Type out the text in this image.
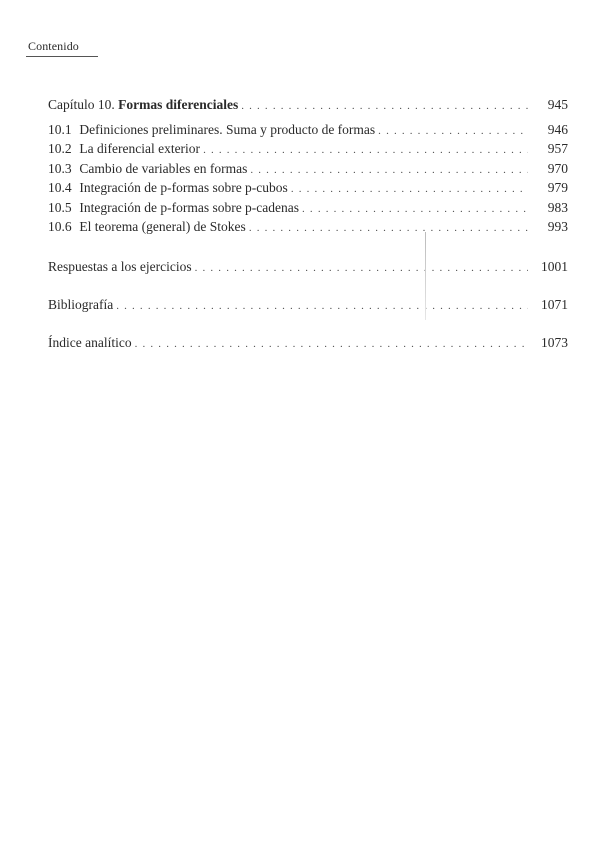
Contenido
Capítulo 10. Formas diferenciales . . .	945
10.1 Definiciones preliminares. Suma y producto de formas . . .	946
10.2 La diferencial exterior . . .	957
10.3 Cambio de variables en formas . . .	970
10.4 Integración de p-formas sobre p-cubos . . .	979
10.5 Integración de p-formas sobre p-cadenas . . .	983
10.6 El teorema (general) de Stokes . . .	993
Respuestas a los ejercicios . . .	1001
Bibliografía . . .	1071
Índice analítico . . .	1073
